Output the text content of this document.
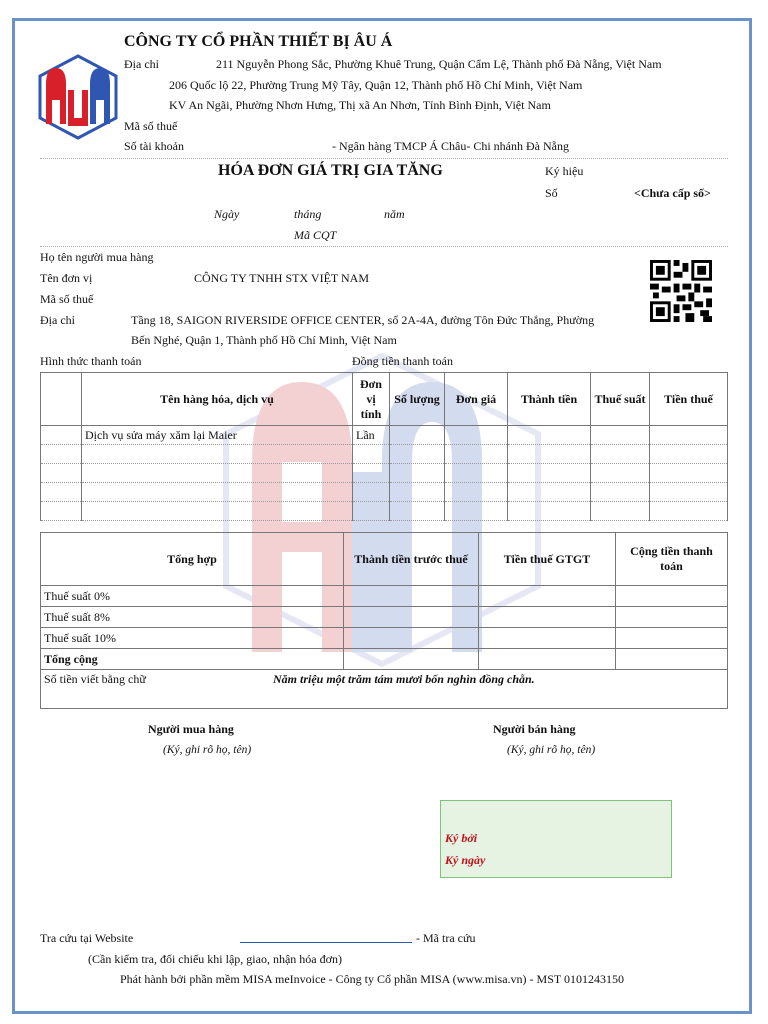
CÔNG TY CỔ PHẦN THIẾT BỊ ÂU Á
Địa chỉ	211 Nguyễn Phong Sắc, Phường Khuê Trung, Quận Cẩm Lệ, Thành phố Đà Nẵng, Việt Nam
206 Quốc lộ 22, Phường Trung Mỹ Tây, Quận 12, Thành phố Hồ Chí Minh, Việt Nam
KV An Ngãi, Phường Nhơn Hưng, Thị xã An Nhơn, Tỉnh Bình Định, Việt Nam
Mã số thuế
Số tài khoản	- Ngân hàng TMCP Á Châu- Chi nhánh Đà Nẵng
HÓA ĐƠN GIÁ TRỊ GIA TĂNG	Ký hiệu
Số	<Chưa cấp số>
Ngày	tháng	năm
Mã CQT
Họ tên người mua hàng
Tên đơn vị	CÔNG TY TNHH STX VIỆT NAM
Mã số thuế
Địa chỉ	Tầng 18, SAIGON RIVERSIDE OFFICE CENTER, số 2A-4A, đường Tôn Đức Thắng, Phường
Bến Nghé, Quận 1, Thành phố Hồ Chí Minh, Việt Nam
Hình thức thanh toán	Đồng tiền thanh toán
	Tên hàng hóa, dịch vụ	Đơn vị tính	Số lượng	Đơn giá	Thành tiền	Thuế suất	Tiền thuế
	Dịch vụ sửa máy xăm lại Maier	Lần					

Tổng hợp	Thành tiền trước thuế	Tiền thuế GTGT	Cộng tiền thanh toán
Thuế suất 0%			
Thuế suất 8%			
Thuế suất 10%			
Tổng cộng			
Số tiền viết bằng chữ Năm triệu một trăm tám mươi bốn nghìn đồng chẵn.			
Người mua hàng
(Ký, ghi rõ họ, tên)
Người bán hàng
(Ký, ghi rõ họ, tên)
Ký bởi
Ký ngày
Tra cứu tại Website	- Mã tra cứu
(Cần kiểm tra, đối chiếu khi lập, giao, nhận hóa đơn)
Phát hành bởi phần mềm MISA meInvoice - Công ty Cổ phần MISA (www.misa.vn) - MST 0101243150
